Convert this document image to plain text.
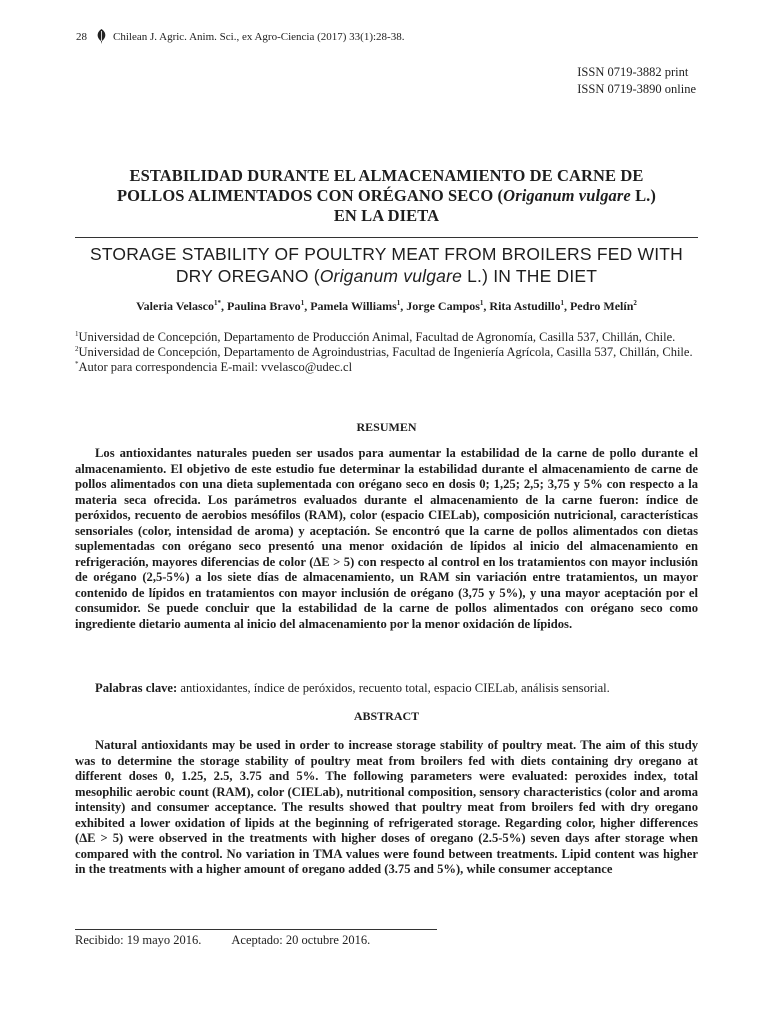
28 Chilean J. Agric. Anim. Sci., ex Agro-Ciencia (2017) 33(1):28-38.
ISSN 0719-3882 print
ISSN 0719-3890 online
ESTABILIDAD DURANTE EL ALMACENAMIENTO DE CARNE DE
POLLOS ALIMENTADOS CON ORÉGANO SECO (Origanum vulgare L.)
EN LA DIETA
STORAGE STABILITY OF POULTRY MEAT FROM BROILERS FED WITH
DRY OREGANO (Origanum vulgare L.) IN THE DIET
Valeria Velasco$^{1*}$, Paulina Bravo$^1$, Pamela Williams$^1$, Jorge Campos$^1$, Rita Astudillo$^1$, Pedro Melín$^2$

$^1$Universidad de Concepción, Departamento de Producción Animal, Facultad de Agronomía, Casilla 537, Chillán, Chile.

$^2$Universidad de Concepción, Departamento de Agroindustrias, Facultad de Ingeniería Agrícola, Casilla 537, Chillán, Chile.

*Autor para correspondencia E-mail: vvelasco@udec.cl

RESUMEN
Los antioxidantes naturales pueden ser usados para aumentar la estabilidad de la carne de pollo durante el almacenamiento. El objetivo de este estudio fue determinar la estabilidad durante el almacenamiento de carne de pollos alimentados con una dieta suplementada con orégano seco en dosis 0; 1,25; 2,5; 3,75 y 5% con respecto a la materia seca ofrecida. Los parámetros evaluados durante el almacenamiento de la carne fueron: índice de peróxidos, recuento de aerobios mesófilos (RAM), color (espacio CIELab), composición nutricional, características sensoriales (color, intensidad de aroma) y aceptación. Se encontró que la carne de pollos alimentados con dietas suplementadas con orégano seco presentó una menor oxidación de lípidos al inicio del almacenamiento en refrigeración, mayores diferencias de color (ΔE > 5) con respecto al control en los tratamientos con mayor inclusión de orégano (2,5-5%) a los siete días de almacenamiento, un RAM sin variación entre tratamientos, un mayor contenido de lípidos en tratamientos con mayor inclusión de orégano (3,75 y 5%), y una mayor aceptación por el consumidor. Se puede concluir que la estabilidad de la carne de pollos alimentados con orégano seco como ingrediente dietario aumenta al inicio del almacenamiento por la menor oxidación de lípidos.
Palabras clave: antioxidantes, índice de peróxidos, recuento total, espacio CIELab, análisis sensorial.
ABSTRACT
Natural antioxidants may be used in order to increase storage stability of poultry meat. The aim of this study was to determine the storage stability of poultry meat from broilers fed with diets containing dry oregano at different doses 0, 1.25, 2.5, 3.75 and 5%. The following parameters were evaluated: peroxides index, total mesophilic aerobic count (RAM), color (CIELab), nutritional composition, sensory characteristics (color and aroma intensity) and consumer acceptance. The results showed that poultry meat from broilers fed with dry oregano exhibited a lower oxidation of lipids at the beginning of refrigerated storage. Regarding color, higher differences (ΔE > 5) were observed in the treatments with higher doses of oregano (2.5-5%) seven days after storage when compared with the control. No variation in TMA values were found between treatments. Lipid content was higher in the treatments with a higher amount of oregano added (3.75 and 5%), while consumer acceptance
Recibido: 19 mayo 2016. Aceptado: 20 octubre 2016.
